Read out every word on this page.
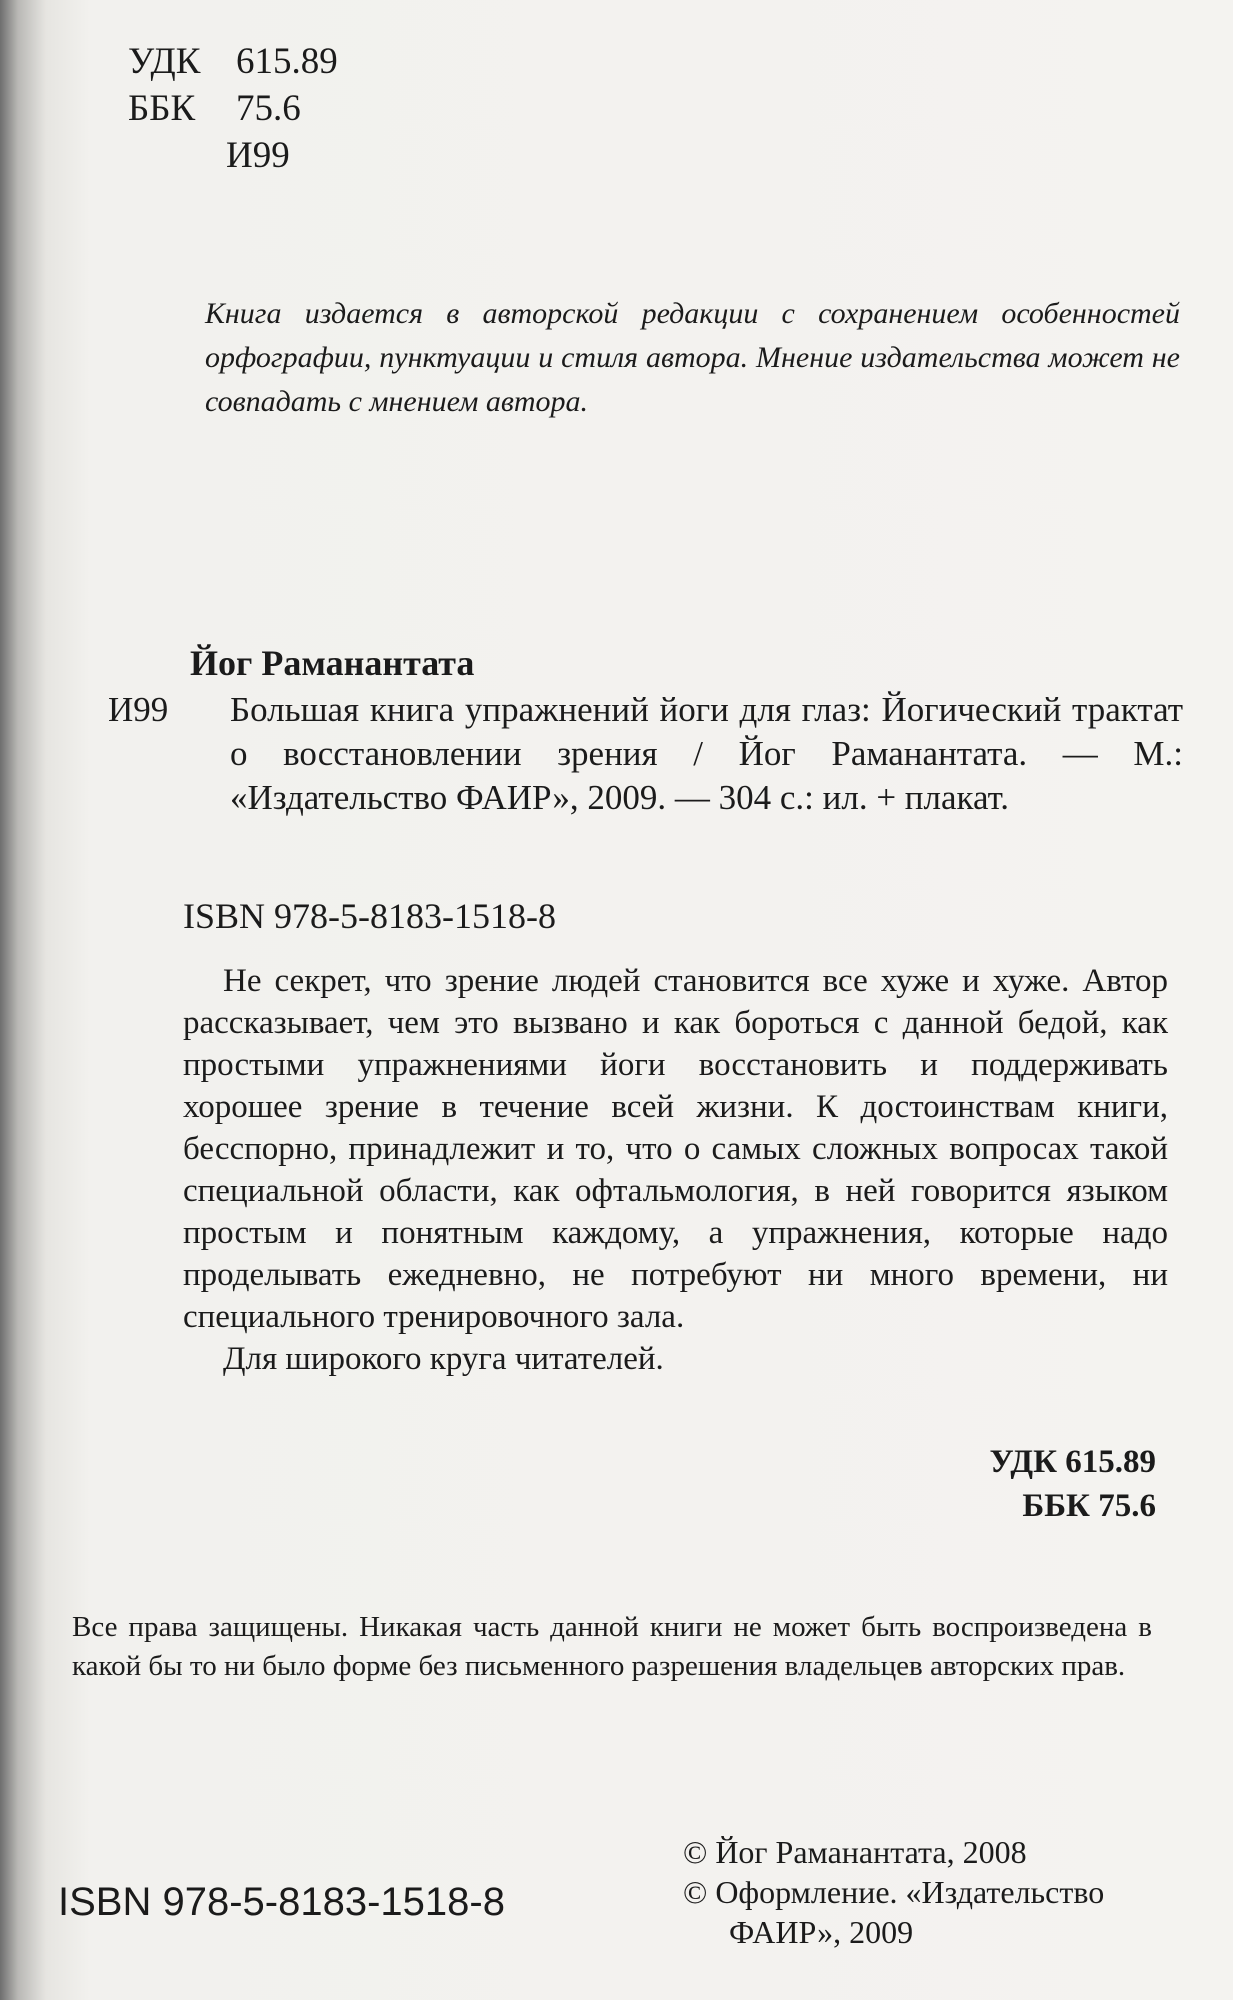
УДК 615.89
ББК 75.6
И99
Книга издается в авторской редакции с сохранением особенностей орфографии, пунктуации и стиля автора. Мнение издательства может не совпадать с мнением автора.
Йог Раманантата
И99 Большая книга упражнений йоги для глаз: Йогический трактат о восстановлении зрения / Йог Раманантата. — М.: «Издательство ФАИР», 2009. — 304 с.: ил. + плакат.
ISBN 978-5-8183-1518-8

Не секрет, что зрение людей становится все хуже и хуже. Автор рассказывает, чем это вызвано и как бороться с данной бедой, как простыми упражнениями йоги восстановить и поддерживать хорошее зрение в течение всей жизни. К достоинствам книги, бесспорно, принадлежит и то, что о самых сложных вопросах такой специальной области, как офтальмология, в ней говорится языком простым и понятным каждому, а упражнения, которые надо проделывать ежедневно, не потребуют ни много времени, ни специального тренировочного зала.

Для широкого круга читателей.

УДК 615.89
ББК 75.6
Все права защищены. Никакая часть данной книги не может быть воспроизведена в какой бы то ни было форме без письменного разрешения владельцев авторских прав.
© Йог Раманантата, 2008
© Оформление. «Издательство
ФАИР», 2009
ISBN 978-5-8183-1518-8
